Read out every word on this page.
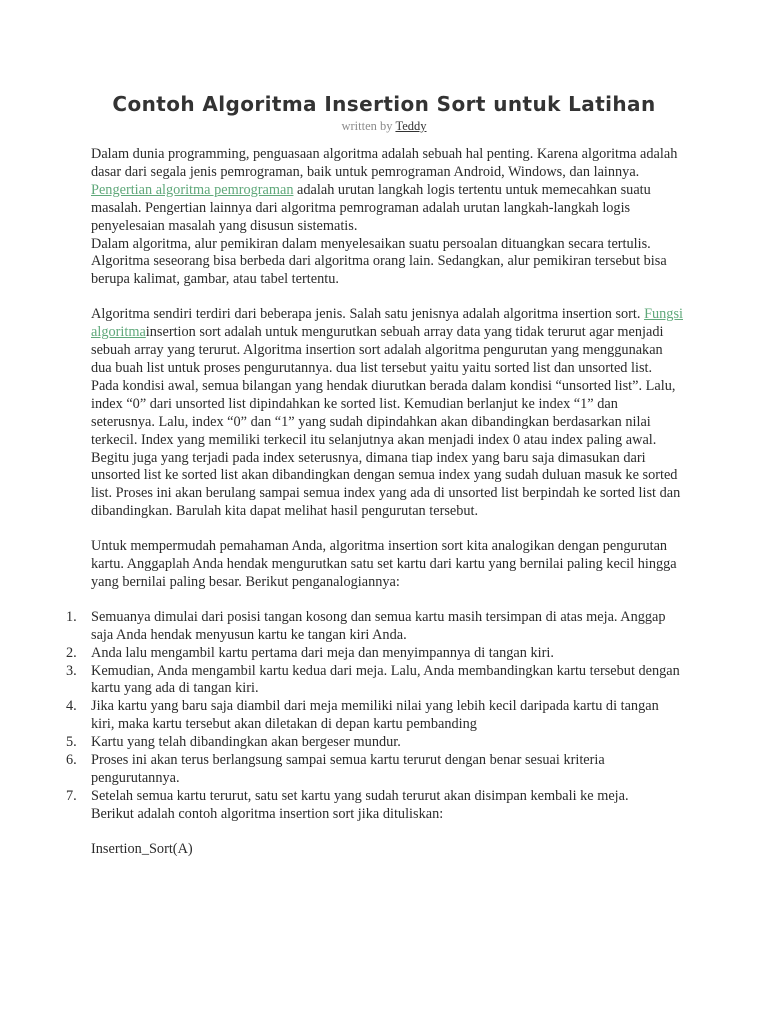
Contoh Algoritma Insertion Sort untuk Latihan
written by Teddy

Dalam dunia programming, penguasaan algoritma adalah sebuah hal penting. Karena algoritma adalah dasar dari segala jenis pemrograman, baik untuk pemrograman Android, Windows, dan lainnya. Pengertian algoritma pemrograman adalah urutan langkah logis tertentu untuk memecahkan suatu masalah. Pengertian lainnya dari algoritma pemrograman adalah urutan langkah-langkah logis penyelesaian masalah yang disusun sistematis.

Dalam algoritma, alur pemikiran dalam menyelesaikan suatu persoalan dituangkan secara tertulis. Algoritma seseorang bisa berbeda dari algoritma orang lain. Sedangkan, alur pemikiran tersebut bisa berupa kalimat, gambar, atau tabel tertentu.

Algoritma sendiri terdiri dari beberapa jenis. Salah satu jenisnya adalah algoritma insertion sort. Fungsi algoritmainsertion sort adalah untuk mengurutkan sebuah array data yang tidak terurut agar menjadi sebuah array yang terurut. Algoritma insertion sort adalah algoritma pengurutan yang menggunakan dua buah list untuk proses pengurutannya. dua list tersebut yaitu yaitu sorted list dan unsorted list.

Pada kondisi awal, semua bilangan yang hendak diurutkan berada dalam kondisi “unsorted list”. Lalu, index “0” dari unsorted list dipindahkan ke sorted list. Kemudian berlanjut ke index “1” dan seterusnya. Lalu, index “0” dan “1” yang sudah dipindahkan akan dibandingkan berdasarkan nilai terkecil. Index yang memiliki terkecil itu selanjutnya akan menjadi index 0 atau index paling awal. Begitu juga yang terjadi pada index seterusnya, dimana tiap index yang baru saja dimasukan dari unsorted list ke sorted list akan dibandingkan dengan semua index yang sudah duluan masuk ke sorted list. Proses ini akan berulang sampai semua index yang ada di unsorted list berpindah ke sorted list dan dibandingkan. Barulah kita dapat melihat hasil pengurutan tersebut.

Untuk mempermudah pemahaman Anda, algoritma insertion sort kita analogikan dengan pengurutan kartu. Anggaplah Anda hendak mengurutkan satu set kartu dari kartu yang bernilai paling kecil hingga yang bernilai paling besar. Berikut penganalogiannya:

1. Semuanya dimulai dari posisi tangan kosong dan semua kartu masih tersimpan di atas meja. Anggap saja Anda hendak menyusun kartu ke tangan kiri Anda.
2. Anda lalu mengambil kartu pertama dari meja dan menyimpannya di tangan kiri.
3. Kemudian, Anda mengambil kartu kedua dari meja. Lalu, Anda membandingkan kartu tersebut dengan kartu yang ada di tangan kiri.
4. Jika kartu yang baru saja diambil dari meja memiliki nilai yang lebih kecil daripada kartu di tangan kiri, maka kartu tersebut akan diletakan di depan kartu pembanding
5. Kartu yang telah dibandingkan akan bergeser mundur.
6. Proses ini akan terus berlangsung sampai semua kartu terurut dengan benar sesuai kriteria pengurutannya.
7. Setelah semua kartu terurut, satu set kartu yang sudah terurut akan disimpan kembali ke meja.

Berikut adalah contoh algoritma insertion sort jika dituliskan:

Insertion_Sort(A)
